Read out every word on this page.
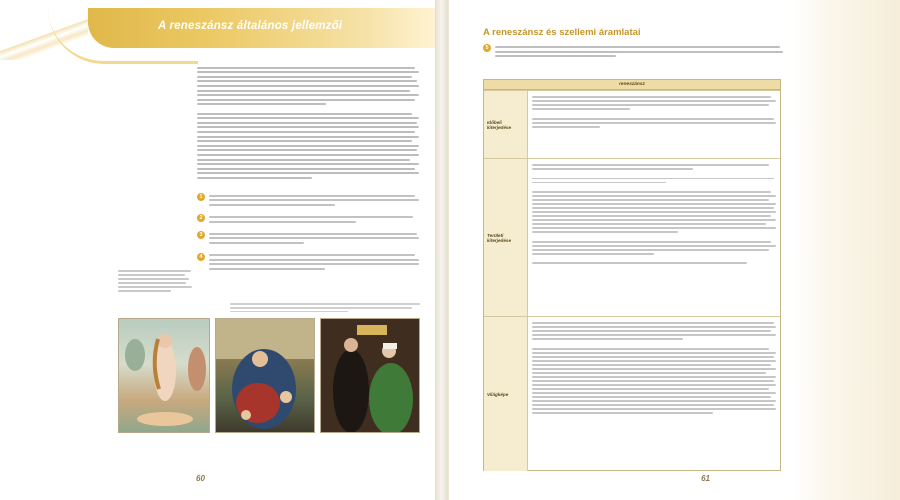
A reneszánsz általános jellemzői
1
2
3
4
60
A reneszánsz és szellemi áramlatai
5
reneszánsz
Időbeli kiterjedése
Területi kiterjedése
Világképe
61
